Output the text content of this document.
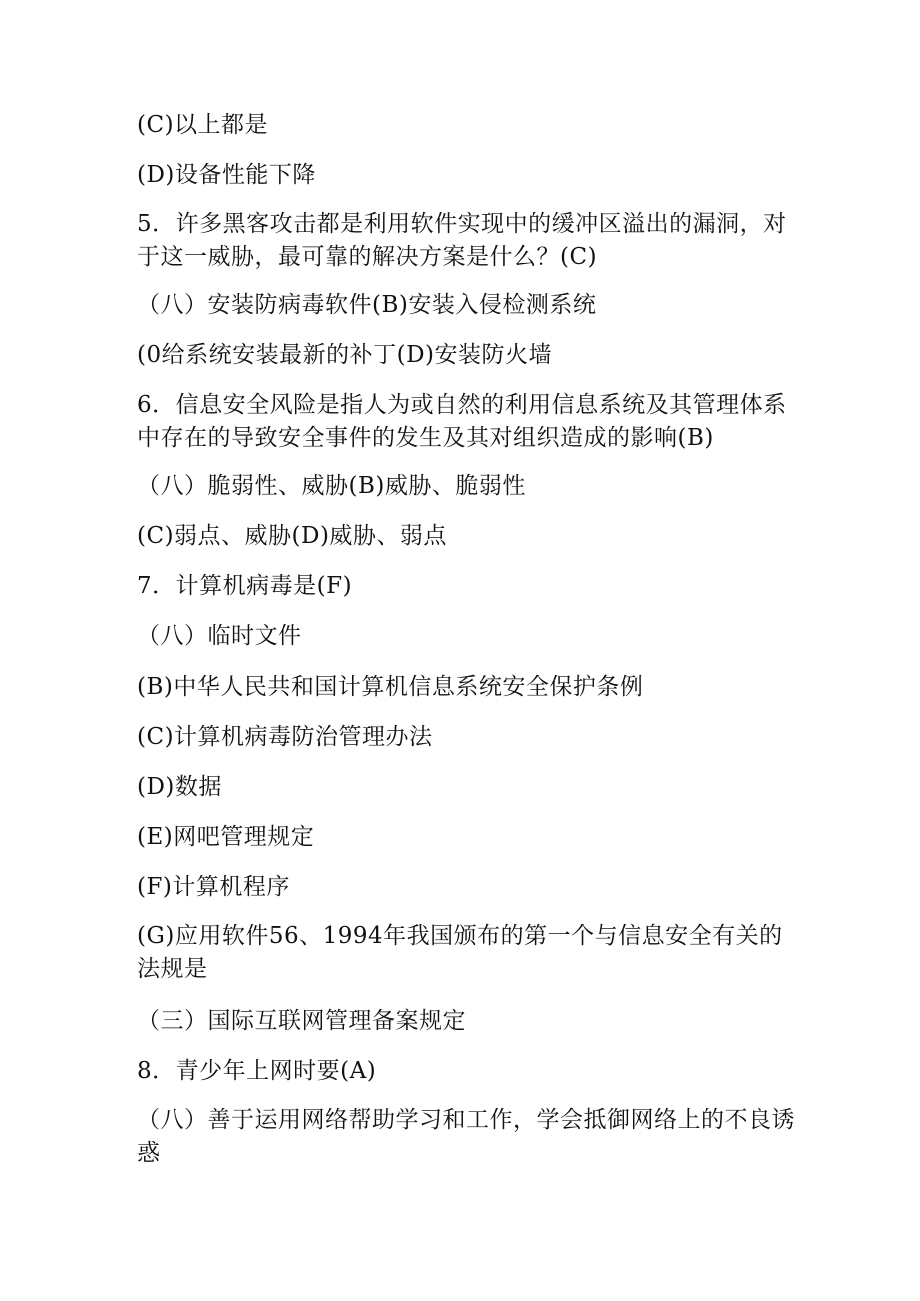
(C)以上都是
(D)设备性能下降
5．许多黑客攻击都是利用软件实现中的缓冲区溢出的漏洞，对于这一威胁，最可靠的解决方案是什么？(C)
（八）安装防病毒软件(B)安装入侵检测系统
(0给系统安装最新的补丁(D)安装防火墙
6．信息安全风险是指人为或自然的利用信息系统及其管理体系中存在的导致安全事件的发生及其对组织造成的影响(B)
（八）脆弱性、威胁(B)威胁、脆弱性
(C)弱点、威胁(D)威胁、弱点
7．计算机病毒是(F)
（八）临时文件
(B)中华人民共和国计算机信息系统安全保护条例
(C)计算机病毒防治管理办法
(D)数据
(E)网吧管理规定
(F)计算机程序
(G)应用软件56、1994年我国颁布的第一个与信息安全有关的法规是
（三）国际互联网管理备案规定
8．青少年上网时要(A)
（八）善于运用网络帮助学习和工作，学会抵御网络上的不良诱惑
